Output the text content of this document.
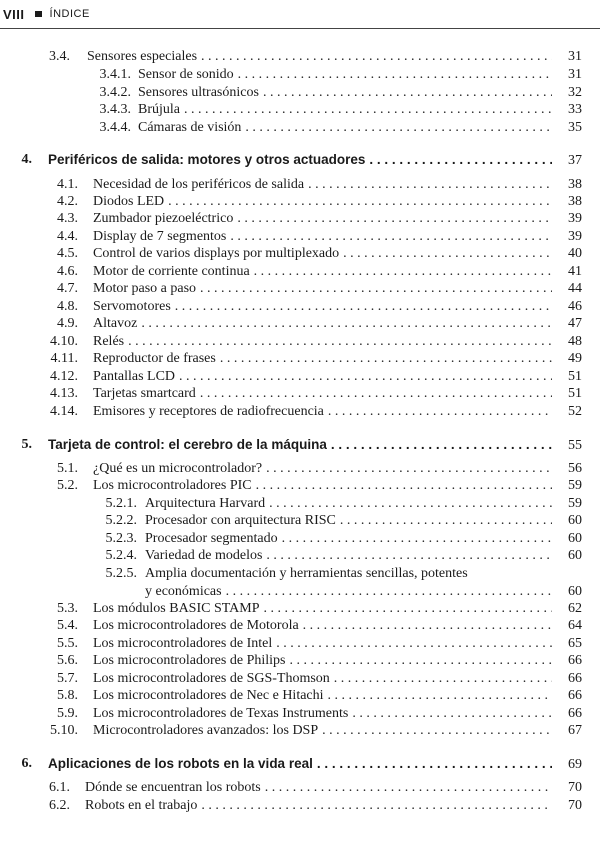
VIII ÍNDICE
3.4. Sensores especiales . . .	31
3.4.1. Sensor de sonido . . .	31
3.4.2. Sensores ultrasónicos . . .	32
3.4.3. Brújula . . .	33
3.4.4. Cámaras de visión . . .	35
4. Periféricos de salida: motores y otros actuadores . . .	37
4.1. Necesidad de los periféricos de salida . . .	38
4.2. Diodos LED . . .	38
4.3. Zumbador piezoeléctrico . . .	39
4.4. Display de 7 segmentos . . .	39
4.5. Control de varios displays por multiplexado . . .	40
4.6. Motor de corriente continua . . .	41
4.7. Motor paso a paso . . .	44
4.8. Servomotores . . .	46
4.9. Altavoz . . .	47
4.10. Relés . . .	48
4.11. Reproductor de frases . . .	49
4.12. Pantallas LCD . . .	51
4.13. Tarjetas smartcard . . .	51
4.14. Emisores y receptores de radiofrecuencia . . .	52
5. Tarjeta de control: el cerebro de la máquina . . .	55
5.1. ¿Qué es un microcontrolador? . . .	56
5.2. Los microcontroladores PIC . . .	59
5.2.1. Arquitectura Harvard . . .	59
5.2.2. Procesador con arquitectura RISC . . .	60
5.2.3. Procesador segmentado . . .	60
5.2.4. Variedad de modelos . . .	60
5.2.5. Amplia documentación y herramientas sencillas, potentes
y económicas . . .	60
5.3. Los módulos BASIC STAMP . . .	62
5.4. Los microcontroladores de Motorola . . .	64
5.5. Los microcontroladores de Intel . . .	65
5.6. Los microcontroladores de Philips . . .	66
5.7. Los microcontroladores de SGS-Thomson . . .	66
5.8. Los microcontroladores de Nec e Hitachi . . .	66
5.9. Los microcontroladores de Texas Instruments . . .	66
5.10. Microcontroladores avanzados: los DSP . . .	67
6. Aplicaciones de los robots en la vida real . . .	69
6.1. Dónde se encuentran los robots . . .	70
6.2. Robots en el trabajo . . .	70
